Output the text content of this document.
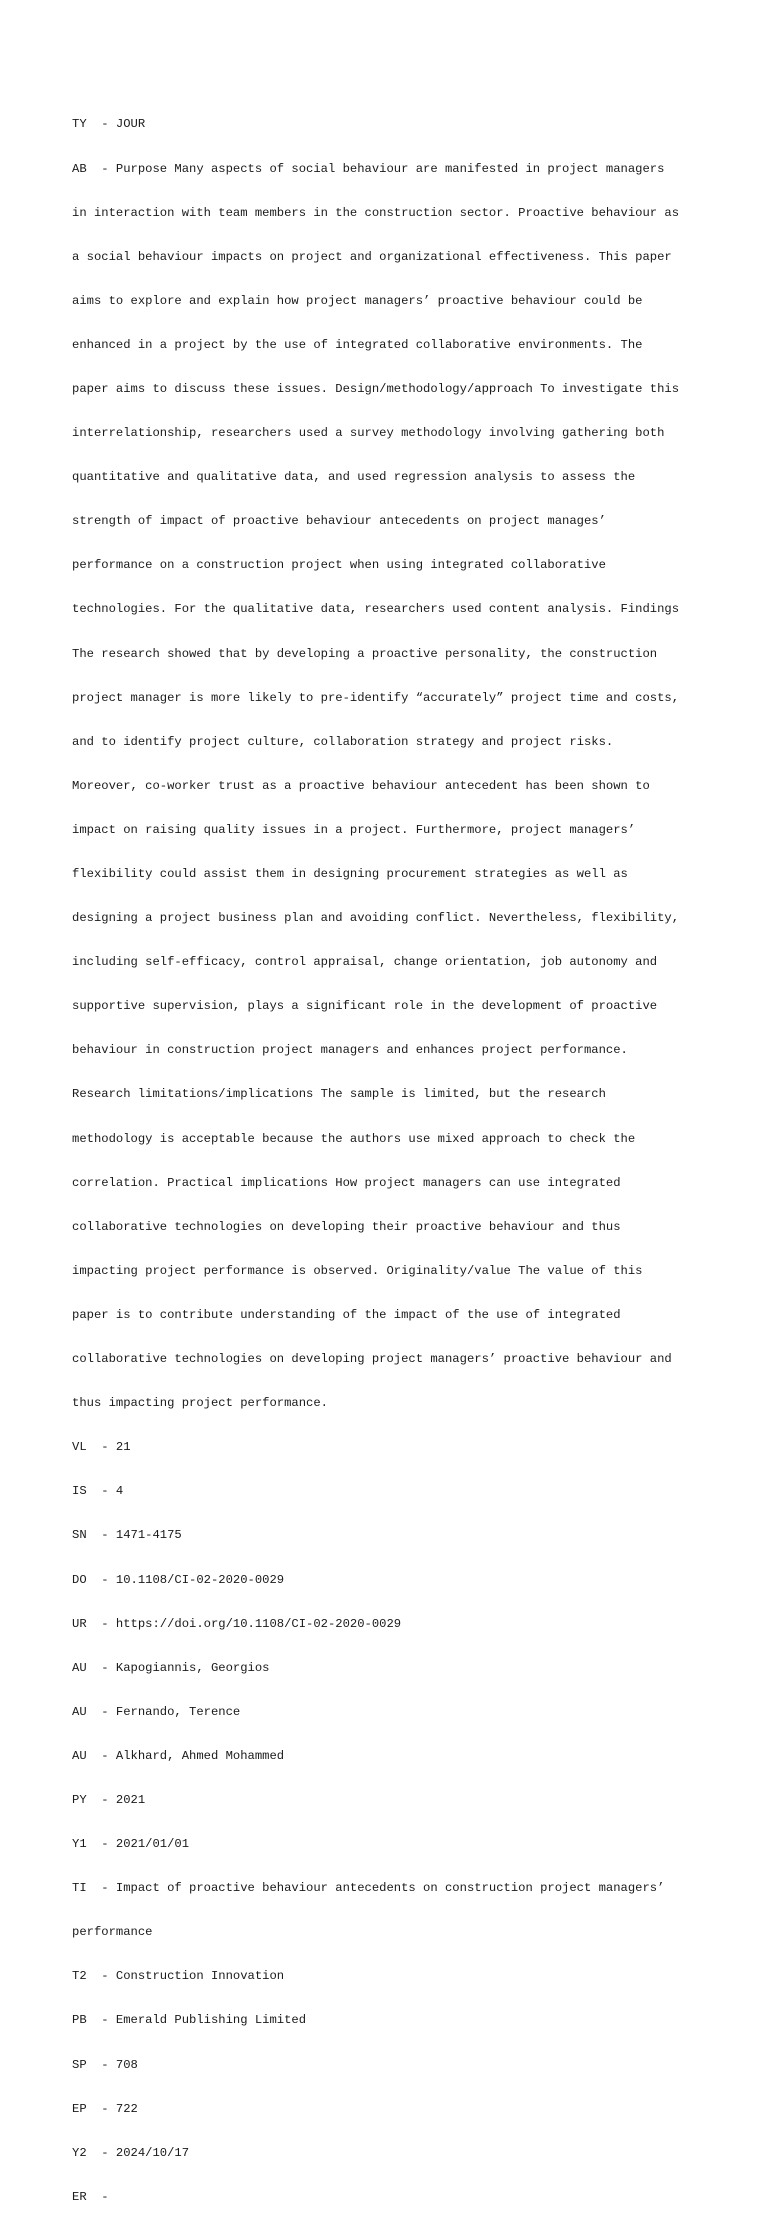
TY  - JOUR

AB  - Purpose Many aspects of social behaviour are manifested in project managers

in interaction with team members in the construction sector. Proactive behaviour as

a social behaviour impacts on project and organizational effectiveness. This paper

aims to explore and explain how project managers’ proactive behaviour could be

enhanced in a project by the use of integrated collaborative environments. The

paper aims to discuss these issues. Design/methodology/approach To investigate this

interrelationship, researchers used a survey methodology involving gathering both

quantitative and qualitative data, and used regression analysis to assess the

strength of impact of proactive behaviour antecedents on project manages’

performance on a construction project when using integrated collaborative

technologies. For the qualitative data, researchers used content analysis. Findings

The research showed that by developing a proactive personality, the construction

project manager is more likely to pre-identify “accurately” project time and costs,

and to identify project culture, collaboration strategy and project risks.

Moreover, co-worker trust as a proactive behaviour antecedent has been shown to

impact on raising quality issues in a project. Furthermore, project managers’

flexibility could assist them in designing procurement strategies as well as

designing a project business plan and avoiding conflict. Nevertheless, flexibility,

including self-efficacy, control appraisal, change orientation, job autonomy and

supportive supervision, plays a significant role in the development of proactive

behaviour in construction project managers and enhances project performance.

Research limitations/implications The sample is limited, but the research

methodology is acceptable because the authors use mixed approach to check the

correlation. Practical implications How project managers can use integrated

collaborative technologies on developing their proactive behaviour and thus

impacting project performance is observed. Originality/value The value of this

paper is to contribute understanding of the impact of the use of integrated

collaborative technologies on developing project managers’ proactive behaviour and

thus impacting project performance.

VL  - 21

IS  - 4

SN  - 1471-4175

DO  - 10.1108/CI-02-2020-0029

UR  - https://doi.org/10.1108/CI-02-2020-0029

AU  - Kapogiannis, Georgios

AU  - Fernando, Terence

AU  - Alkhard, Ahmed Mohammed

PY  - 2021

Y1  - 2021/01/01

TI  - Impact of proactive behaviour antecedents on construction project managers’

performance

T2  - Construction Innovation

PB  - Emerald Publishing Limited

SP  - 708

EP  - 722

Y2  - 2024/10/17

ER  -
